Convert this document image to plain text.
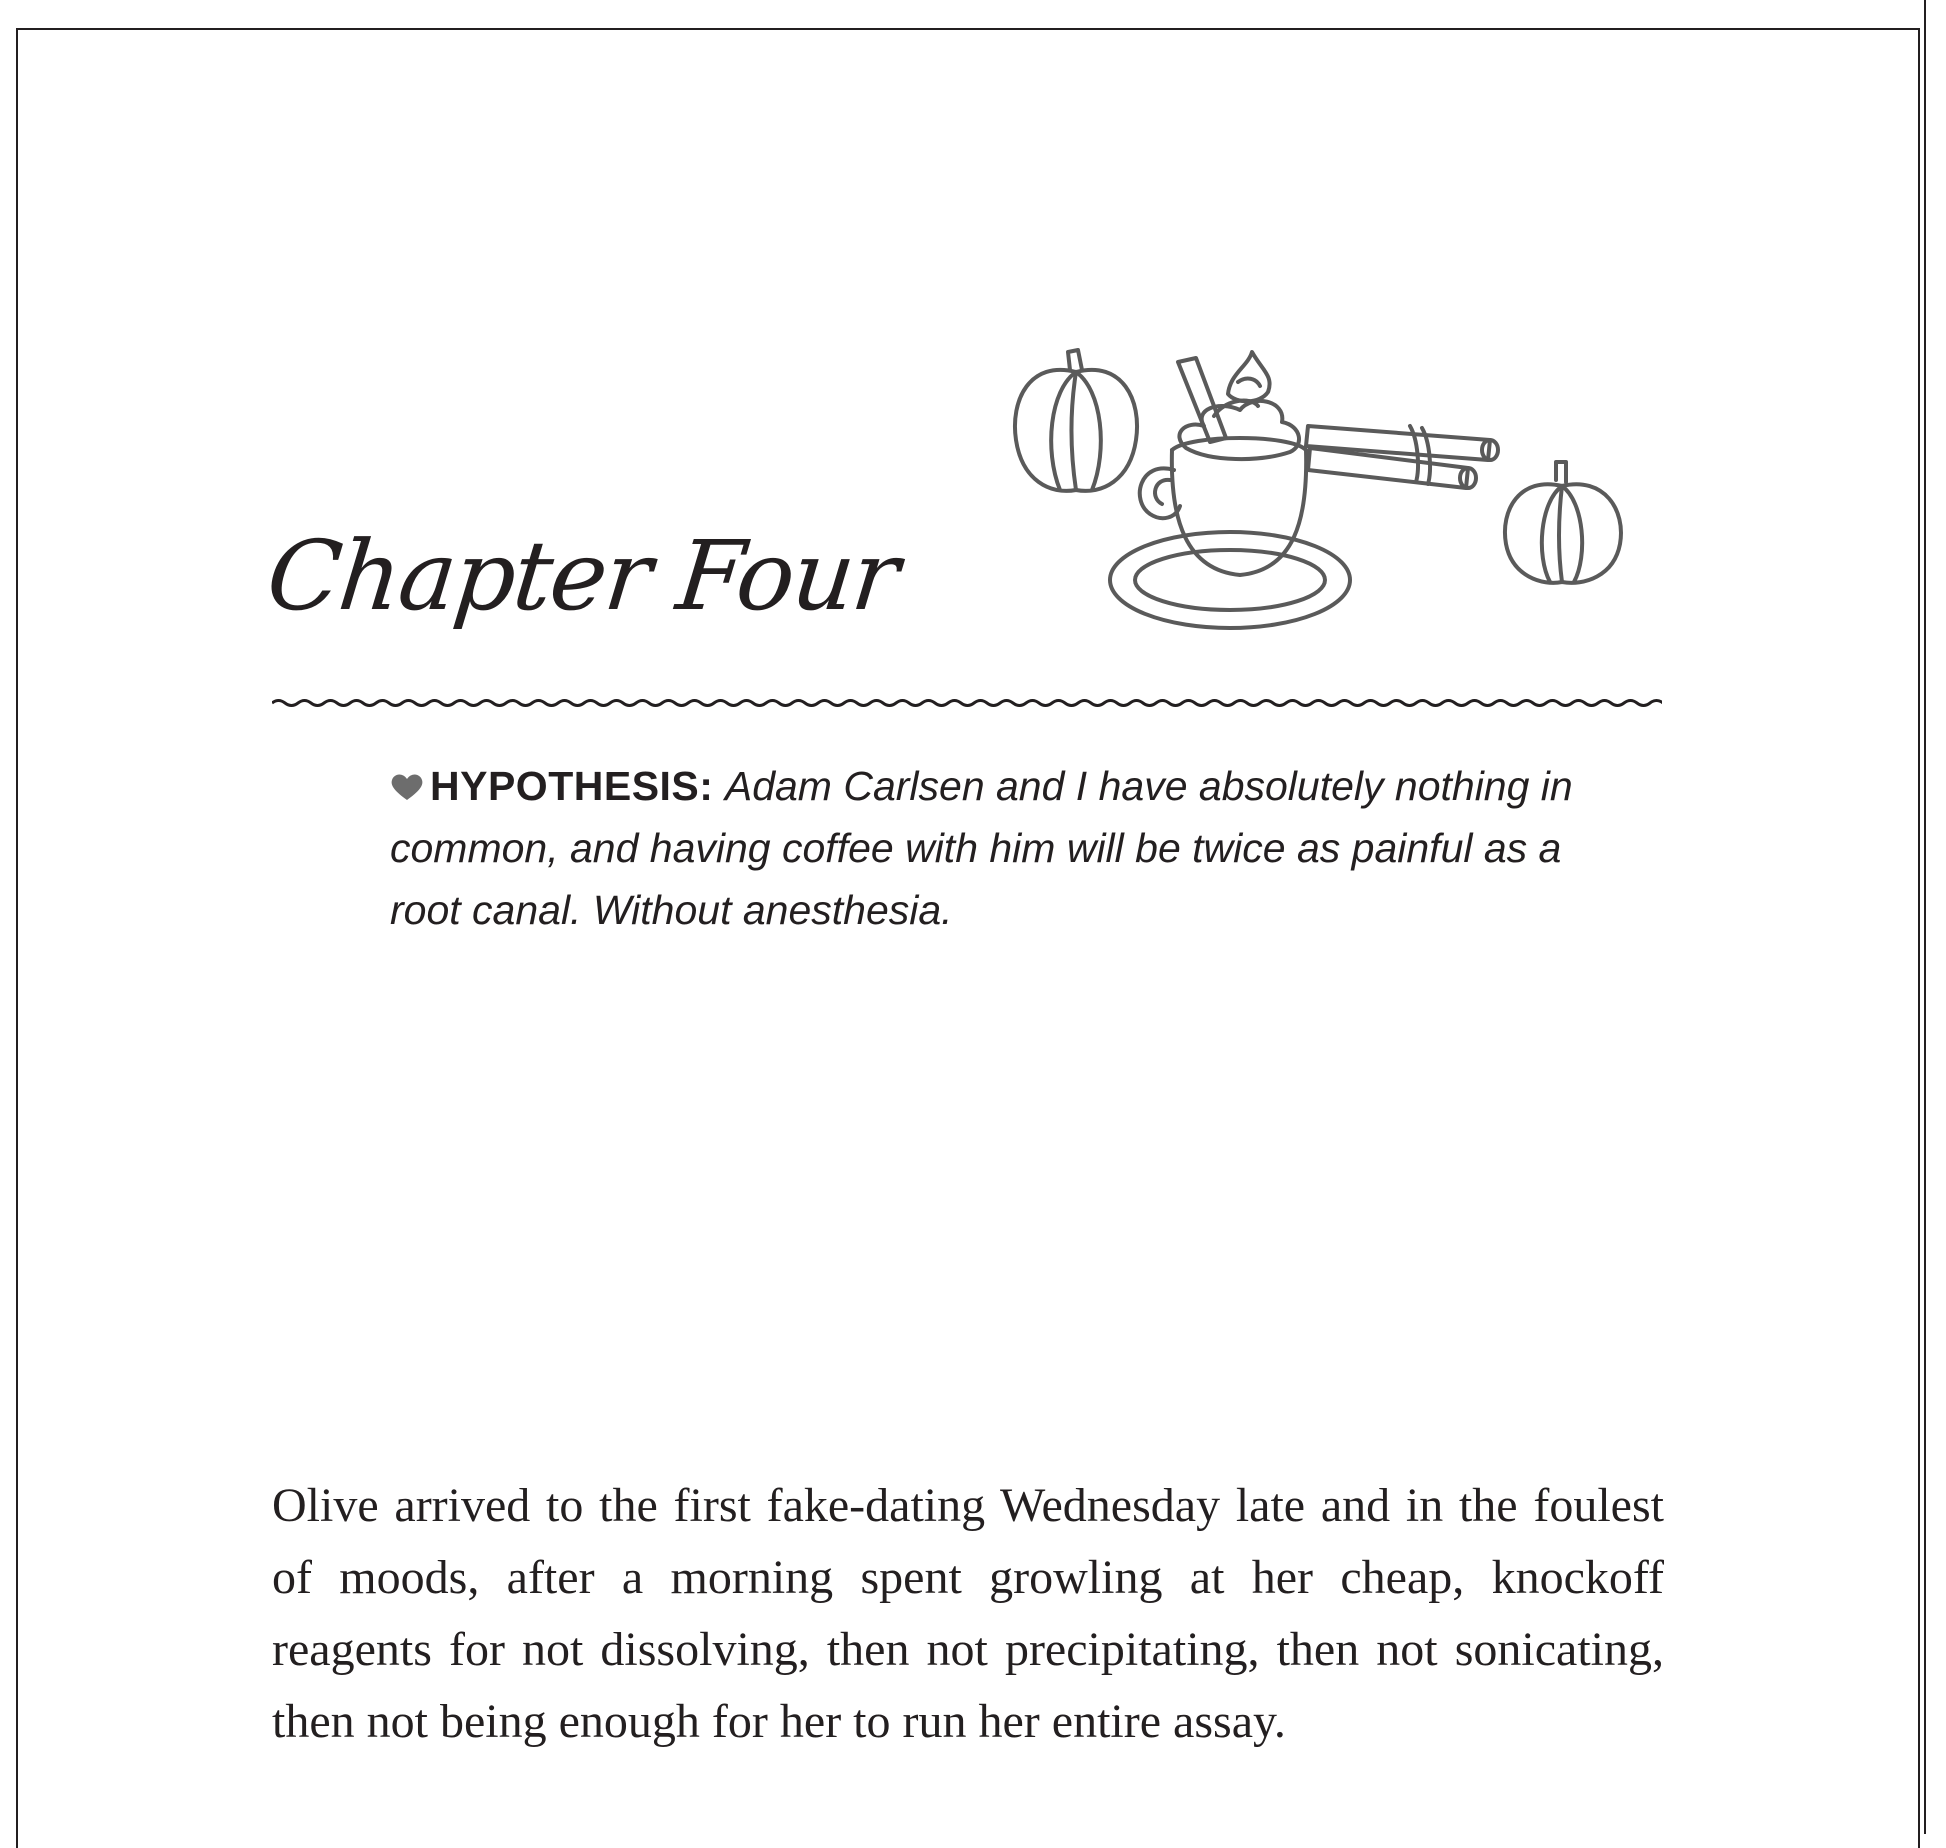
Chapter Four
HYPOTHESIS: Adam Carlsen and I have absolutely nothing in common, and having coffee with him will be twice as painful as a root canal. Without anesthesia.
Olive arrived to the first fake-dating Wednesday late and in the foulest of moods, after a morning spent growling at her cheap, knockoff reagents for not dissolving, then not precipitating, then not sonicating, then not being enough for her to run her entire assay.
